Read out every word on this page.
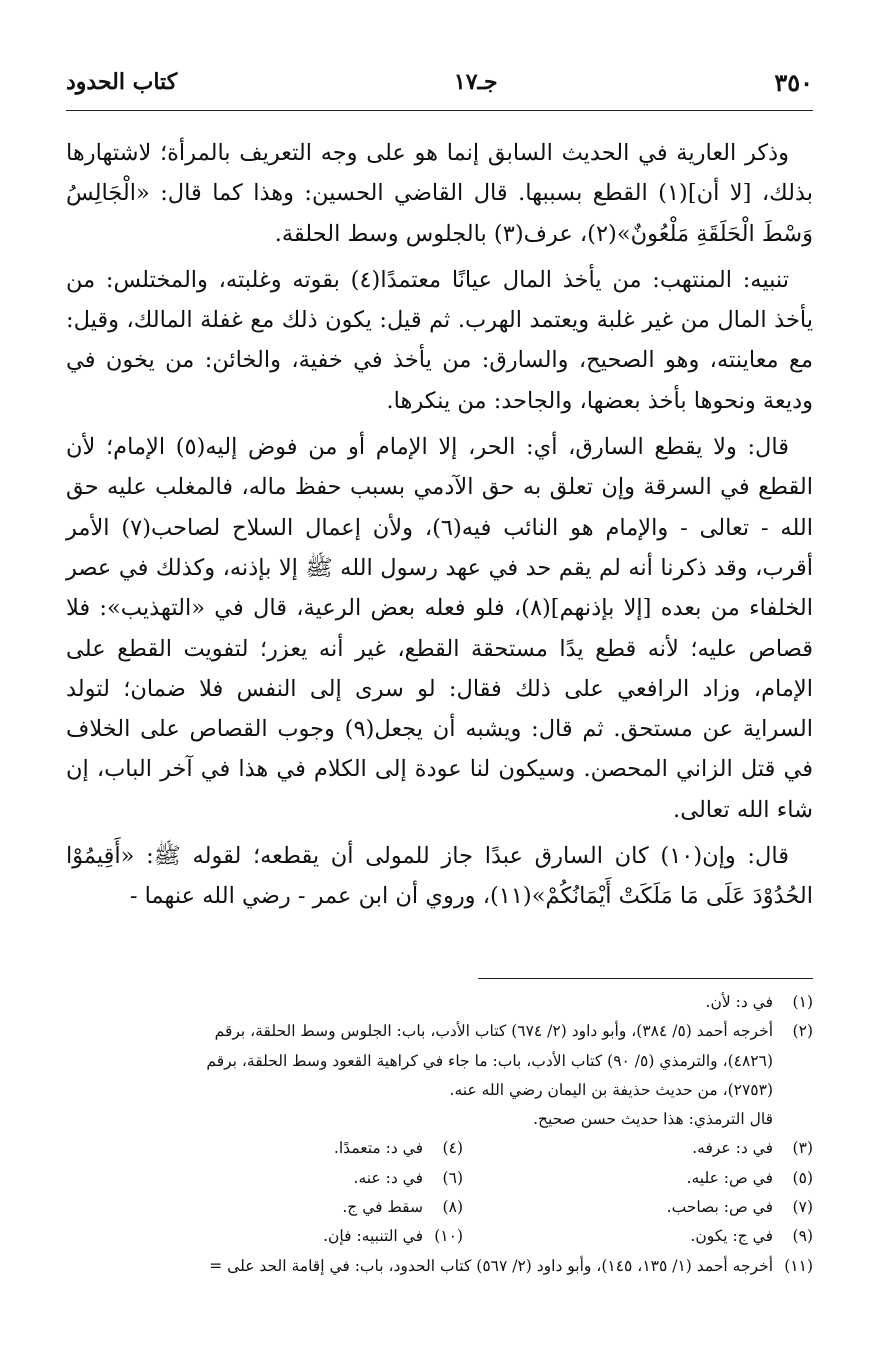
٣٥٠
جـ١٧
كتاب الحدود

وذكر العارية في الحديث السابق إنما هو على وجه التعريف بالمرأة؛ لاشتهارها بذلك، [لا أن](١) القطع بسببها. قال القاضي الحسين: وهذا كما قال: «الْجَالِسُ وَسْطَ الْحَلَقَةِ مَلْعُونٌ»(٢)، عرف(٣) بالجلوس وسط الحلقة.

تنبيه: المنتهب: من يأخذ المال عيانًا معتمدًا(٤) بقوته وغلبته، والمختلس: من يأخذ المال من غير غلبة ويعتمد الهرب. ثم قيل: يكون ذلك مع غفلة المالك، وقيل: مع معاينته، وهو الصحيح، والسارق: من يأخذ في خفية، والخائن: من يخون في وديعة ونحوها بأخذ بعضها، والجاحد: من ينكرها.

قال: ولا يقطع السارق، أي: الحر، إلا الإمام أو من فوض إليه(٥) الإمام؛ لأن القطع في السرقة وإن تعلق به حق الآدمي بسبب حفظ ماله، فالمغلب عليه حق الله - تعالى - والإمام هو النائب فيه(٦)، ولأن إعمال السلاح لصاحب(٧) الأمر أقرب، وقد ذكرنا أنه لم يقم حد في عهد رسول الله ﷺ إلا بإذنه، وكذلك في عصر الخلفاء من بعده [إلا بإذنهم](٨)، فلو فعله بعض الرعية، قال في «التهذيب»: فلا قصاص عليه؛ لأنه قطع يدًا مستحقة القطع، غير أنه يعزر؛ لتفويت القطع على الإمام، وزاد الرافعي على ذلك فقال: لو سرى إلى النفس فلا ضمان؛ لتولد السراية عن مستحق. ثم قال: ويشبه أن يجعل(٩) وجوب القصاص على الخلاف في قتل الزاني المحصن. وسيكون لنا عودة إلى الكلام في هذا في آخر الباب، إن شاء الله تعالى.

قال: وإن(١٠) كان السارق عبدًا جاز للمولى أن يقطعه؛ لقوله ﷺ: «أَقِيمُوْا الحُدُوْدَ عَلَى مَا مَلَكَتْ أَيْمَانُكُمْ»(١١)، وروي أن ابن عمر - رضي الله عنهما -

(١)
في د: لأن.
(٢)
أخرجه أحمد (٥/ ٣٨٤)، وأبو داود (٢/ ٦٧٤) كتاب الأدب، باب: الجلوس وسط الحلقة، برقم
(٤٨٢٦)، والترمذي (٥/ ٩٠) كتاب الأدب، باب: ما جاء في كراهية القعود وسط الحلقة، برقم
(٢٧٥٣)، من حديث حذيفة بن اليمان رضي الله عنه.
قال الترمذي: هذا حديث حسن صحيح.
(٣)
في د: عرفه.
(٤)
في د: متعمدًا.
(٥)
في ص: عليه.
(٦)
في د: عنه.
(٧)
في ص: بصاحب.
(٨)
سقط في ج.
(٩)
في ج: يكون.
(١٠)
في التنبيه: فإن.
(١١)
أخرجه أحمد (١/ ١٣٥، ١٤٥)، وأبو داود (٢/ ٥٦٧) كتاب الحدود، باب: في إقامة الحد على =
